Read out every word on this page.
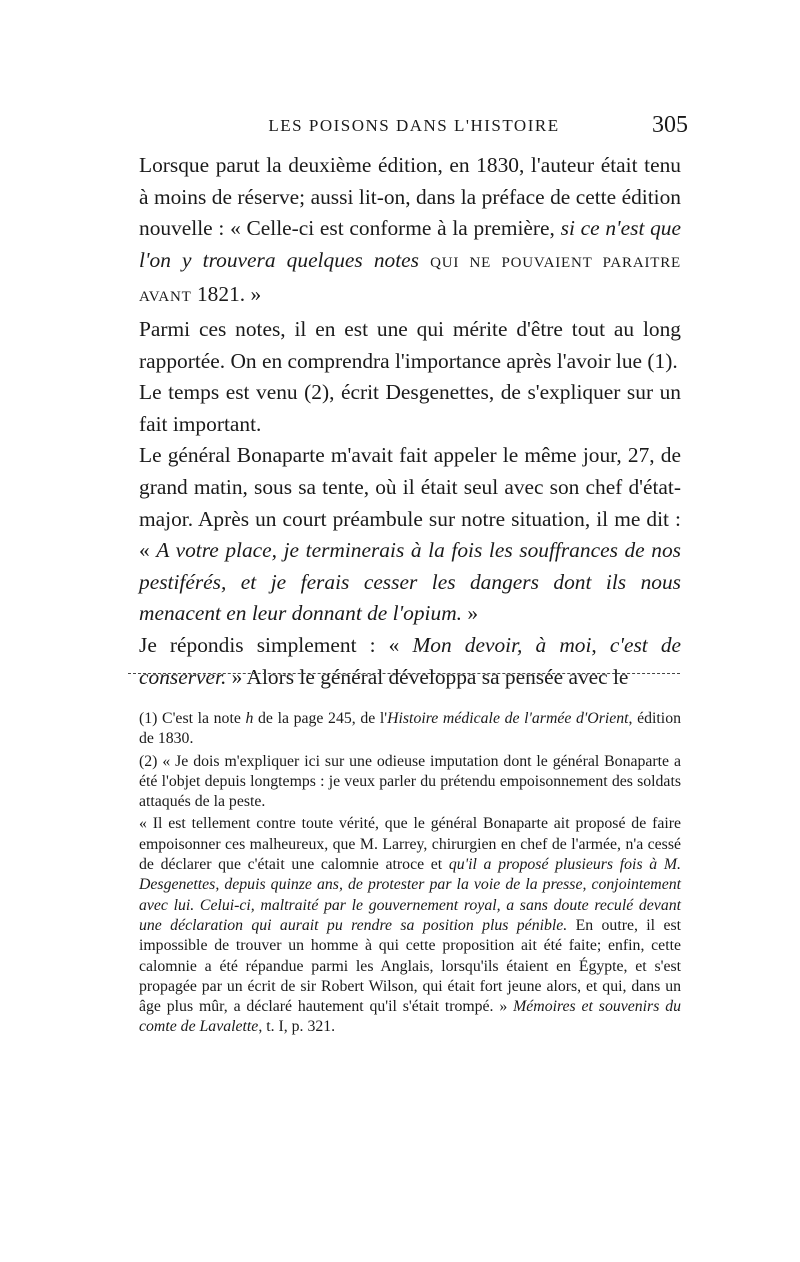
LES POISONS DANS L'HISTOIRE	305

Lorsque parut la deuxième édition, en 1830, l'auteur était tenu à moins de réserve; aussi lit-on, dans la préface de cette édition nouvelle : « Celle-ci est conforme à la première, si ce n'est que l'on y trouvera quelques notes QUI NE POUVAIENT PARAITRE AVANT 1821. »

Parmi ces notes, il en est une qui mérite d'être tout au long rapportée. On en comprendra l'importance après l'avoir lue (1).

Le temps est venu (2), écrit Desgenettes, de s'expliquer sur un fait important.

Le général Bonaparte m'avait fait appeler le même jour, 27, de grand matin, sous sa tente, où il était seul avec son chef d'état-major. Après un court préambule sur notre situation, il me dit : « A votre place, je terminerais à la fois les souffrances de nos pestiférés, et je ferais cesser les dangers dont ils nous menacent en leur donnant de l'opium. »

Je répondis simplement : « Mon devoir, à moi, c'est de conserver. » Alors le général développa sa pensée avec le

(1) C'est la note h de la page 245, de l'Histoire médicale de l'armée d'Orient, édition de 1830.

(2) « Je dois m'expliquer ici sur une odieuse imputation dont le général Bonaparte a été l'objet depuis longtemps : je veux parler du prétendu empoisonnement des soldats attaqués de la peste.

« Il est tellement contre toute vérité, que le général Bonaparte ait proposé de faire empoisonner ces malheureux, que M. Larrey, chirurgien en chef de l'armée, n'a cessé de déclarer que c'était une calomnie atroce et qu'il a proposé plusieurs fois à M. Desgenettes, depuis quinze ans, de protester par la voie de la presse, conjointement avec lui. Celui-ci, maltraité par le gouvernement royal, a sans doute reculé devant une déclaration qui aurait pu rendre sa position plus pénible. En outre, il est impossible de trouver un homme à qui cette proposition ait été faite; enfin, cette calomnie a été répandue parmi les Anglais, lorsqu'ils étaient en Égypte, et s'est propagée par un écrit de sir Robert Wilson, qui était fort jeune alors, et qui, dans un âge plus mûr, a déclaré hautement qu'il s'était trompé. » Mémoires et souvenirs du comte de Lavalette, t. I, p. 321.
